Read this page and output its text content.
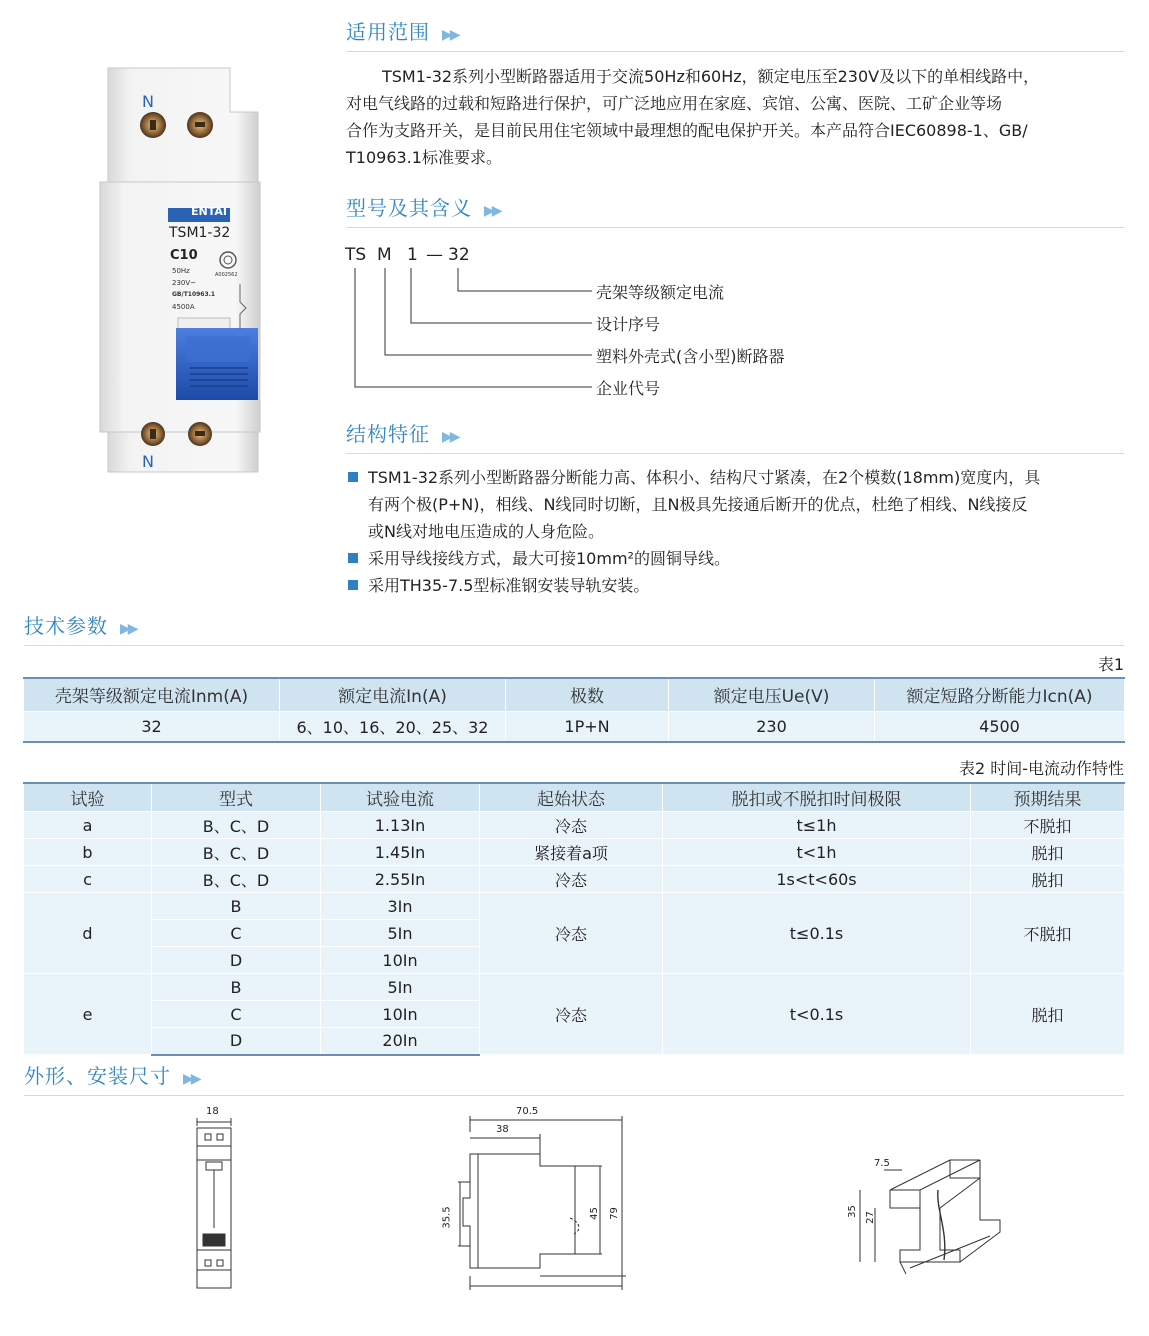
N
N
ENTAI
TSM1-32
C10
50Hz
230V~
GB/T10963.1
4500A
A002562
适用范围 ▶▶
TSM1-32系列小型断路器适用于交流50Hz和60Hz，额定电压至230V及以下的单相线路中，
对电气线路的过载和短路进行保护，可广泛地应用在家庭、宾馆、公寓、医院、工矿企业等场
合作为支路开关，是目前民用住宅领域中最理想的配电保护开关。本产品符合IEC60898-1、GB/
T10963.1标准要求。
型号及其含义 ▶▶
TS M 1 — 32
壳架等级额定电流
设计序号
塑料外壳式(含小型)断路器
企业代号
结构特征 ▶▶
TSM1-32系列小型断路器分断能力高、体积小、结构尺寸紧凑，在2个模数(18mm)宽度内，具
有两个极(P+N)，相线、N线同时切断，且N极具先接通后断开的优点，杜绝了相线、N线接反
或N线对地电压造成的人身危险。
采用导线接线方式，最大可接10mm²的圆铜导线。
采用TH35-7.5型标准钢安装导轨安装。
技术参数 ▶▶
表1
壳架等级额定电流Inm(A)	额定电流In(A)	极数	额定电压Ue(V)	额定短路分断能力Icn(A)
32	6、10、16、20、25、32	1P+N	230	4500
表2 时间-电流动作特性
试验	型式	试验电流	起始状态	脱扣或不脱扣时间极限	预期结果
a	B、C、D	1.13In	冷态	t≤1h	不脱扣
b	B、C、D	1.45In	紧接着a项	t<1h	脱扣
c	B、C、D	2.55In	冷态	1s<t<60s	脱扣
d	B	3In	冷态	t≤0.1s	不脱扣
	C	5In			
	D	10In			
e	B	5In	冷态	t<0.1s	脱扣
	C	10In			
	D	20In			
外形、安装尺寸 ▶▶
18	70.5
38
35.5	45 79
7.5
35 27
